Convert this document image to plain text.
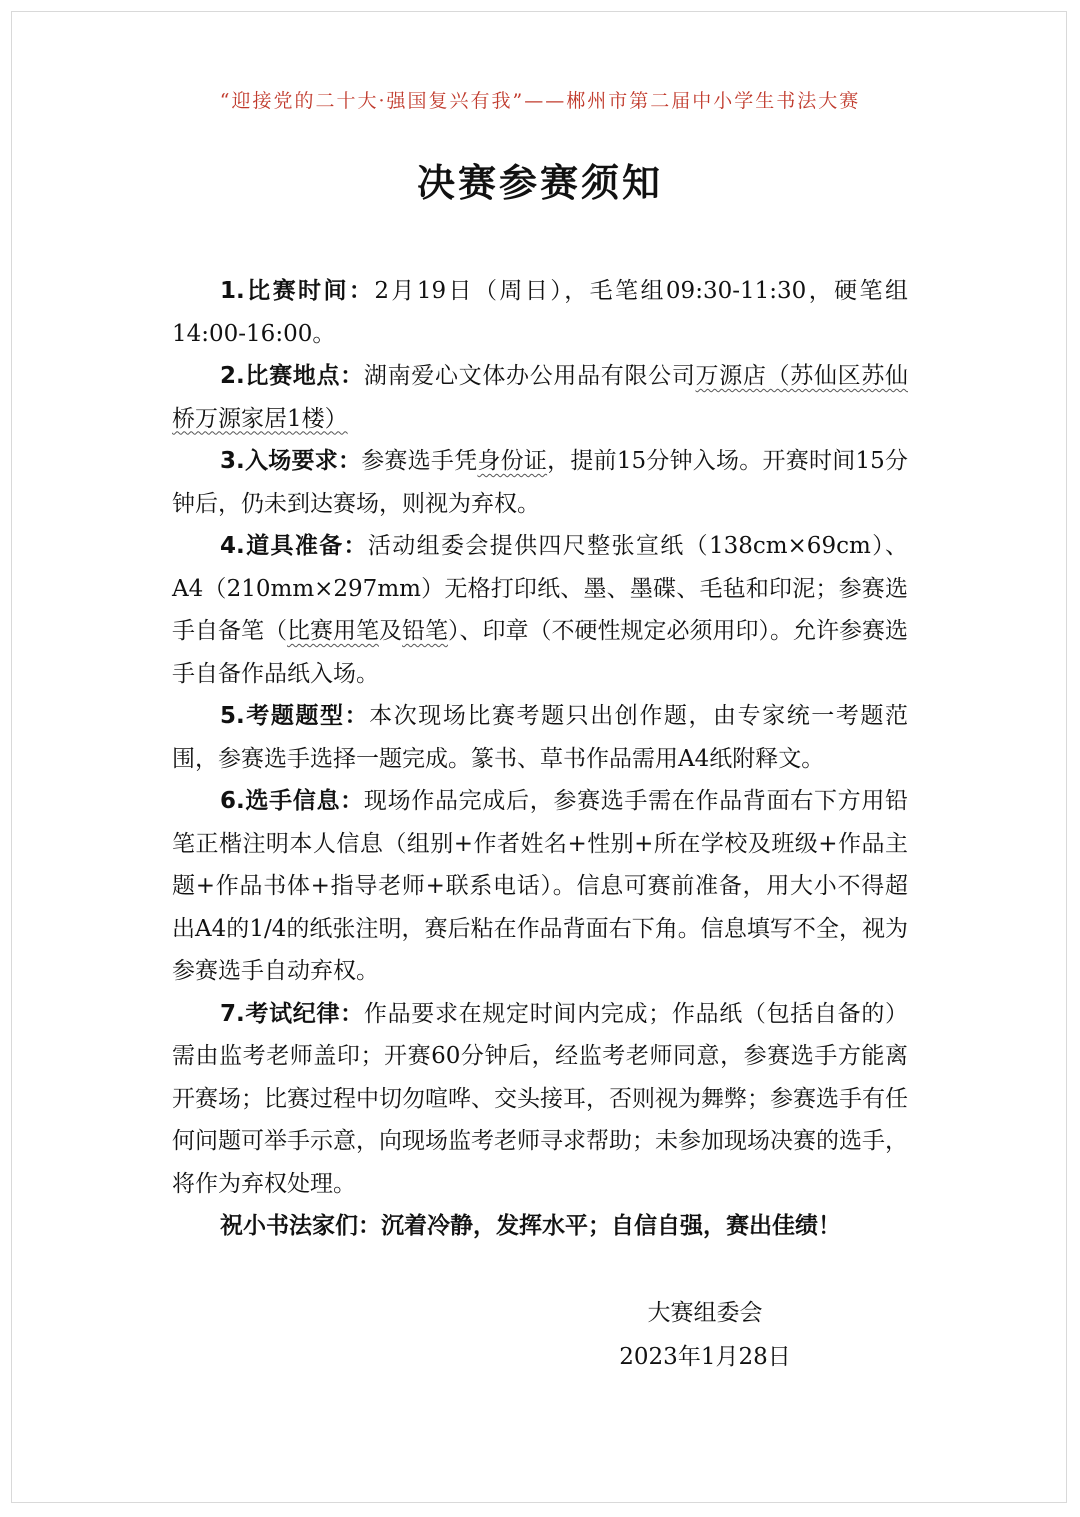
“迎接党的二十大·强国复兴有我”——郴州市第二届中小学生书法大赛
决赛参赛须知

1.比赛时间：2月19日（周日），毛笔组09:30-11:30，硬笔组14:00-16:00。

2.比赛地点：湖南爱心文体办公用品有限公司万源店（苏仙区苏仙桥万源家居1楼）

3.入场要求：参赛选手凭身份证，提前15分钟入场。开赛时间15分钟后，仍未到达赛场，则视为弃权。

4.道具准备：活动组委会提供四尺整张宣纸（138cm×69cm）、A4（210mm×297mm）无格打印纸、墨、墨碟、毛毡和印泥；参赛选手自备笔（比赛用笔及铅笔）、印章（不硬性规定必须用印）。允许参赛选手自备作品纸入场。

5.考题题型：本次现场比赛考题只出创作题，由专家统一考题范围，参赛选手选择一题完成。篆书、草书作品需用A4纸附释文。

6.选手信息：现场作品完成后，参赛选手需在作品背面右下方用铅笔正楷注明本人信息（组别+作者姓名+性别+所在学校及班级+作品主题+作品书体+指导老师+联系电话）。信息可赛前准备，用大小不得超出A4的1/4的纸张注明，赛后粘在作品背面右下角。信息填写不全，视为参赛选手自动弃权。

7.考试纪律：作品要求在规定时间内完成；作品纸（包括自备的）需由监考老师盖印；开赛60分钟后，经监考老师同意，参赛选手方能离开赛场；比赛过程中切勿喧哗、交头接耳，否则视为舞弊；参赛选手有任何问题可举手示意，向现场监考老师寻求帮助；未参加现场决赛的选手，将作为弃权处理。

祝小书法家们：沉着冷静，发挥水平；自信自强，赛出佳绩！

大赛组委会
2023年1月28日
